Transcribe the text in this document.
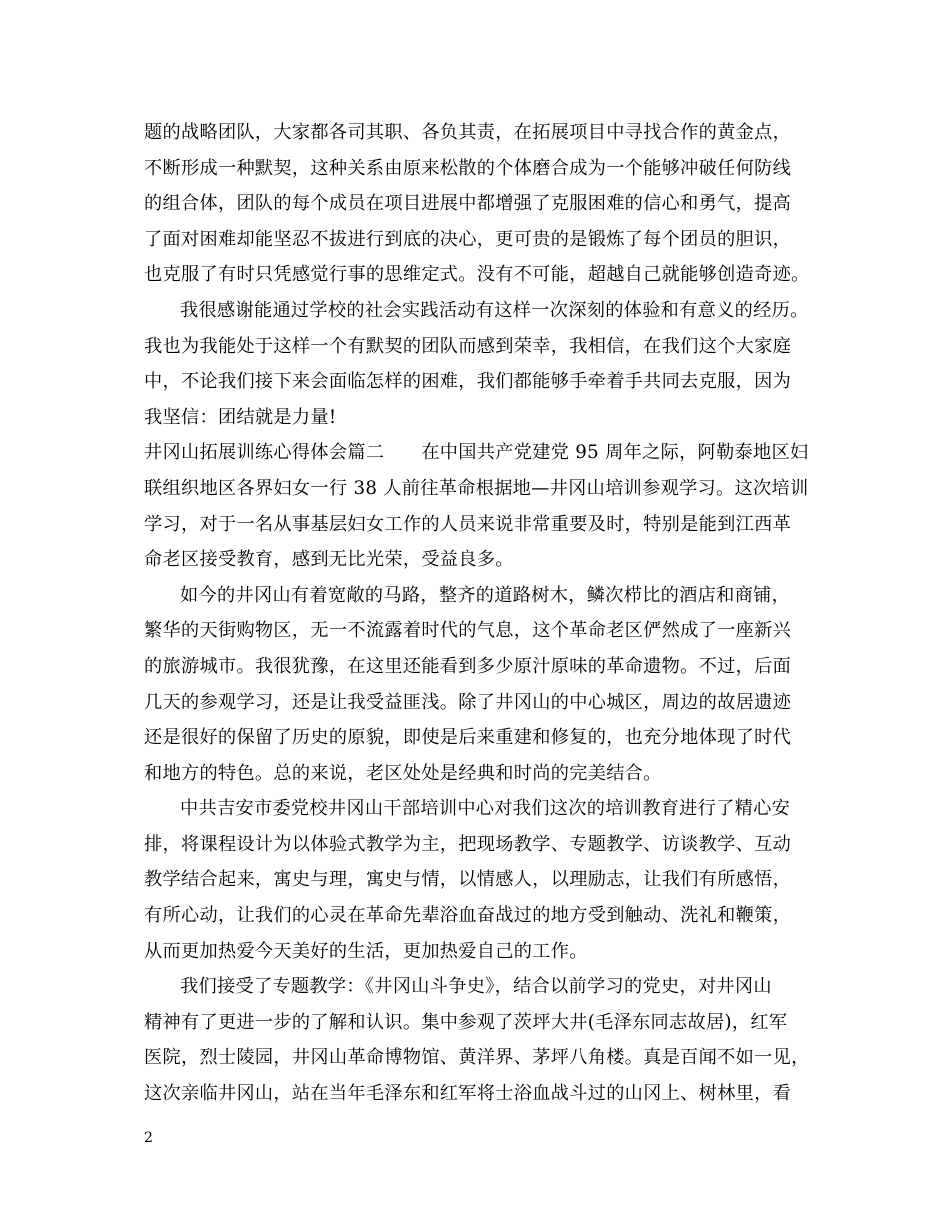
题的战略团队，大家都各司其职、各负其责，在拓展项目中寻找合作的黄金点，
不断形成一种默契，这种关系由原来松散的个体磨合成为一个能够冲破任何防线
的组合体，团队的每个成员在项目进展中都增强了克服困难的信心和勇气，提高
了面对困难却能坚忍不拔进行到底的决心，更可贵的是锻炼了每个团员的胆识，
也克服了有时只凭感觉行事的思维定式。没有不可能，超越自己就能够创造奇迹。
我很感谢能通过学校的社会实践活动有这样一次深刻的体验和有意义的经历。
我也为我能处于这样一个有默契的团队而感到荣幸，我相信，在我们这个大家庭
中，不论我们接下来会面临怎样的困难，我们都能够手牵着手共同去克服，因为
我坚信：团结就是力量!
井冈山拓展训练心得体会篇二　　在中国共产党建党 95 周年之际，阿勒泰地区妇
联组织地区各界妇女一行 38 人前往革命根据地—井冈山培训参观学习。这次培训
学习，对于一名从事基层妇女工作的人员来说非常重要及时，特别是能到江西革
命老区接受教育，感到无比光荣，受益良多。
如今的井冈山有着宽敞的马路，整齐的道路树木，鳞次栉比的酒店和商铺，
繁华的天街购物区，无一不流露着时代的气息，这个革命老区俨然成了一座新兴
的旅游城市。我很犹豫，在这里还能看到多少原汁原味的革命遗物。不过，后面
几天的参观学习，还是让我受益匪浅。除了井冈山的中心城区，周边的故居遗迹
还是很好的保留了历史的原貌，即使是后来重建和修复的，也充分地体现了时代
和地方的特色。总的来说，老区处处是经典和时尚的完美结合。
中共吉安市委党校井冈山干部培训中心对我们这次的培训教育进行了精心安
排，将课程设计为以体验式教学为主，把现场教学、专题教学、访谈教学、互动
教学结合起来，寓史与理，寓史与情，以情感人，以理励志，让我们有所感悟，
有所心动，让我们的心灵在革命先辈浴血奋战过的地方受到触动、洗礼和鞭策，
从而更加热爱今天美好的生活，更加热爱自己的工作。
我们接受了专题教学：《井冈山斗争史》，结合以前学习的党史，对井冈山
精神有了更进一步的了解和认识。集中参观了茨坪大井(毛泽东同志故居)，红军
医院，烈士陵园，井冈山革命博物馆、黄洋界、茅坪八角楼。真是百闻不如一见，
这次亲临井冈山，站在当年毛泽东和红军将士浴血战斗过的山冈上、树林里，看
2
